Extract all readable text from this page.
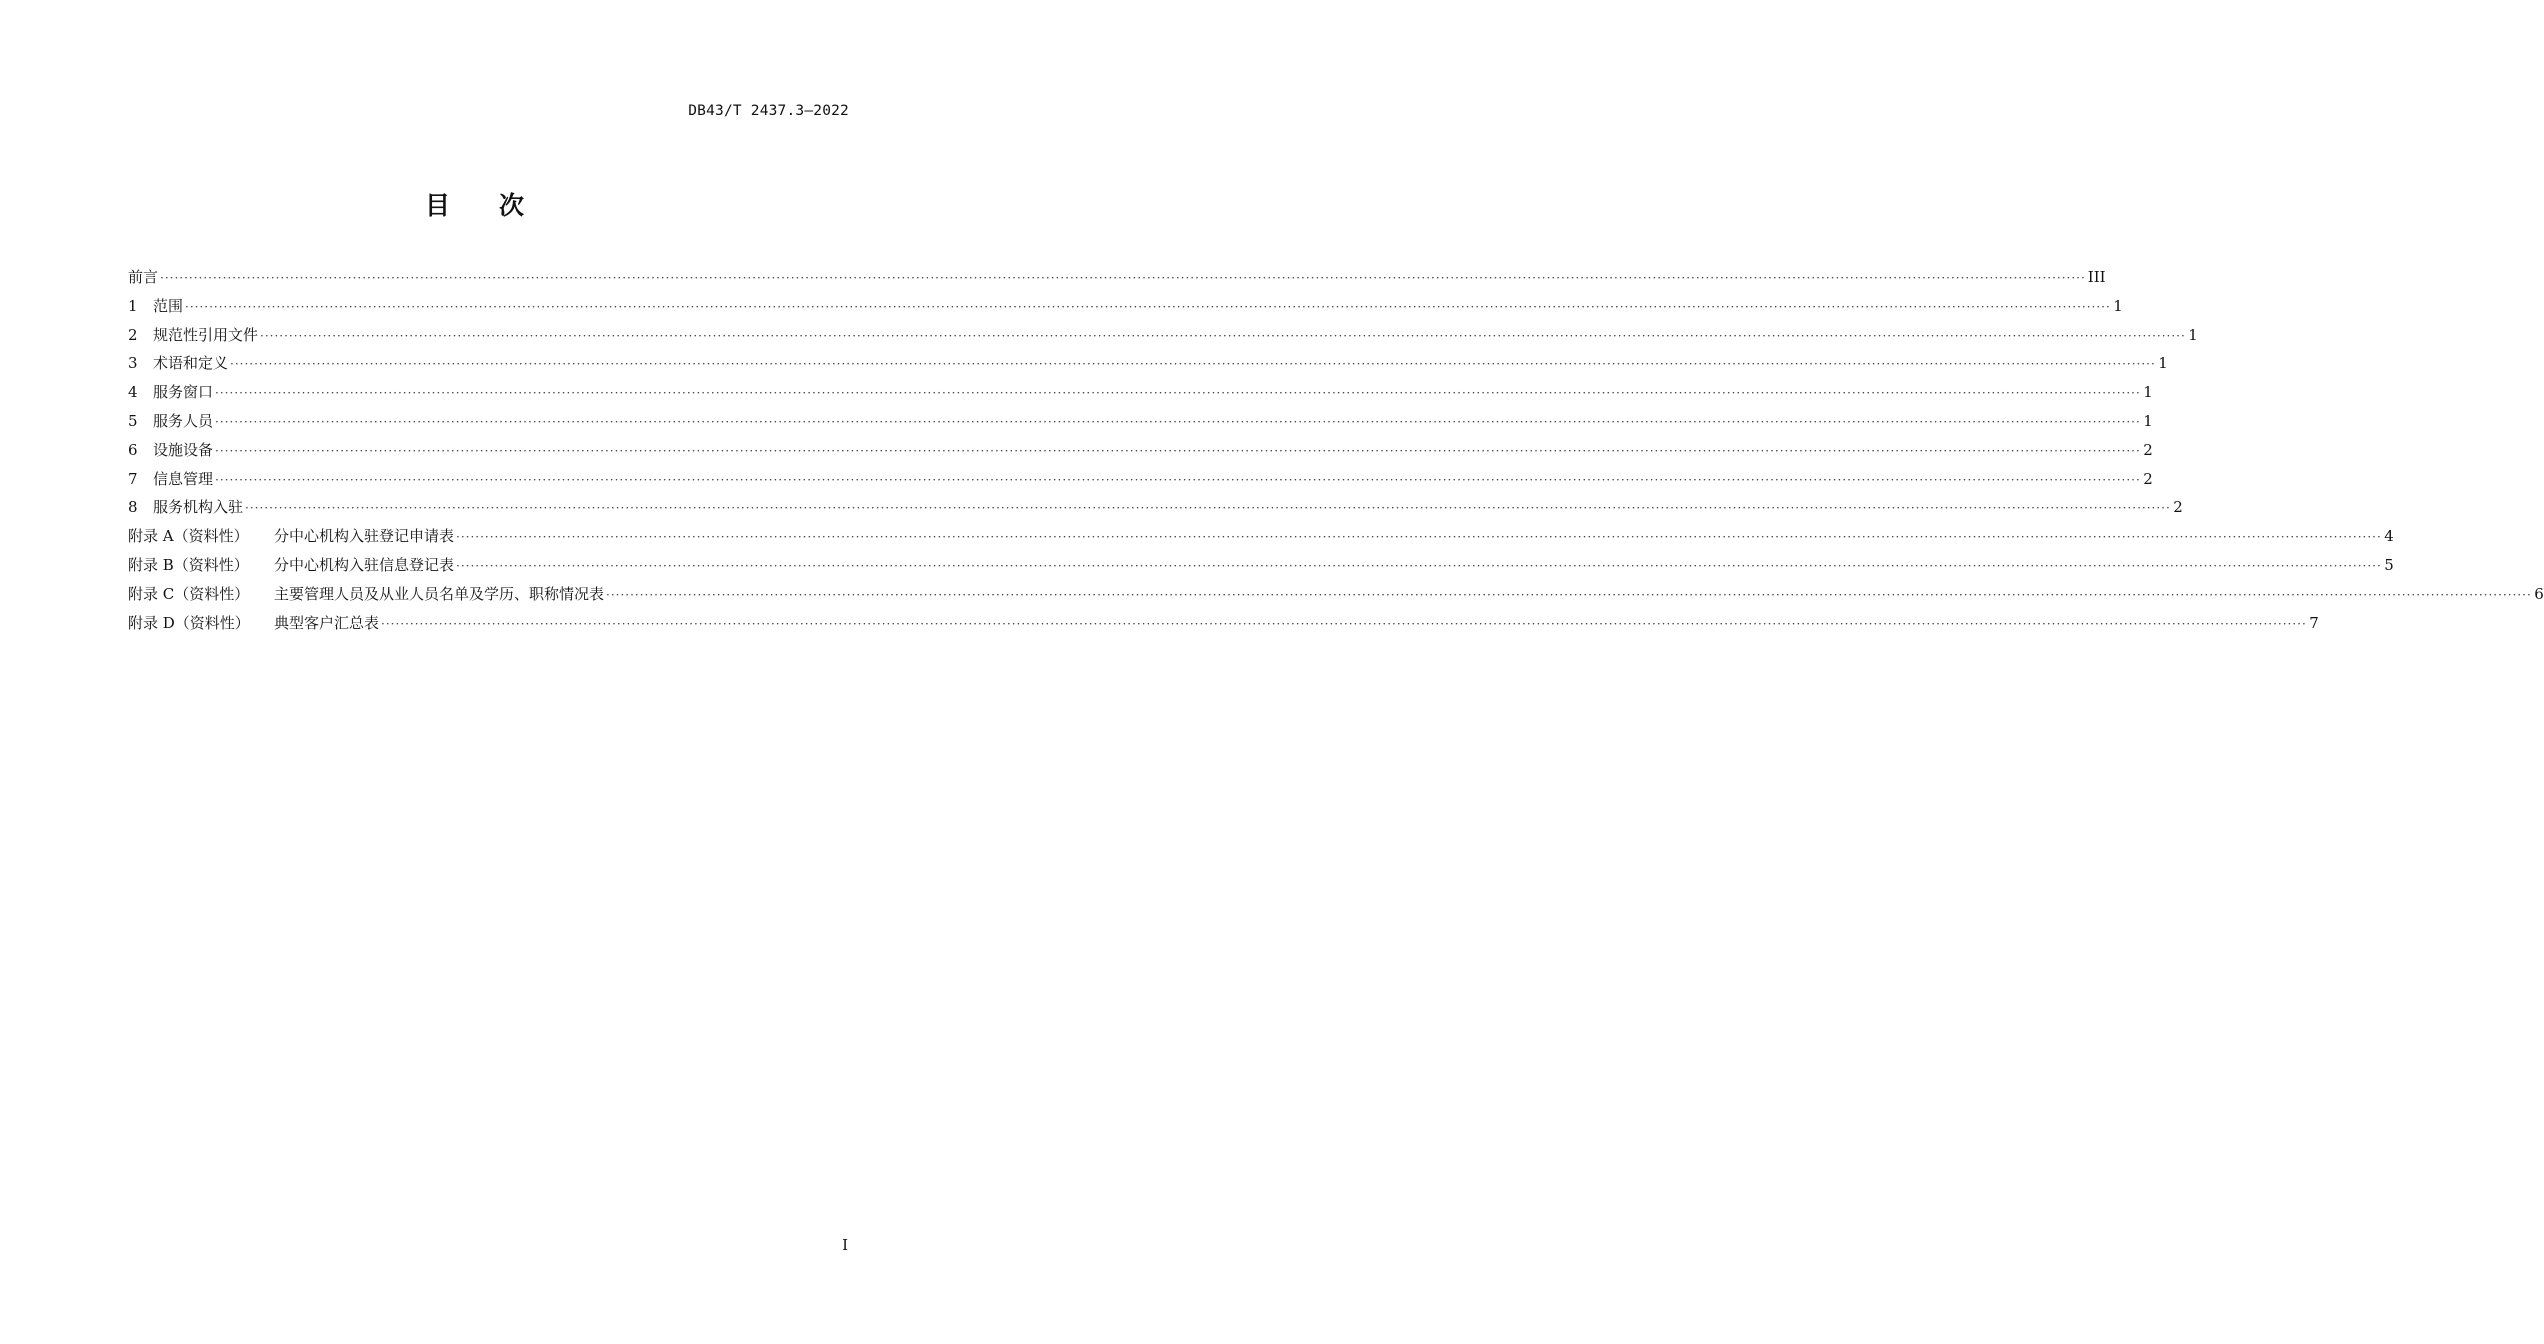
DB43/T 2437.3—2022
目 次
前言 ················································································································································································································································································································································································································ III
1	范围 ················································································································································································································································································································································································································ 1
2	规范性引用文件 ················································································································································································································································································································································································································ 1
3	术语和定义 ················································································································································································································································································································································································································ 1
4	服务窗口 ················································································································································································································································································································································································································ 1
5	服务人员 ················································································································································································································································································································································································································ 1
6	设施设备 ················································································································································································································································································································································································································ 2
7	信息管理 ················································································································································································································································································································································································································ 2
8	服务机构入驻 ················································································································································································································································································································································································································ 2
附录 A（资料性）	分中心机构入驻登记申请表 ················································································································································································································································································································································································································ 4
附录 B（资料性）	分中心机构入驻信息登记表 ················································································································································································································································································································································································································ 5
附录 C（资料性）	主要管理人员及从业人员名单及学历、职称情况表 ················································································································································································································································································································································································································ 6
附录 D（资料性）	典型客户汇总表 ················································································································································································································································································································································································································ 7
I
